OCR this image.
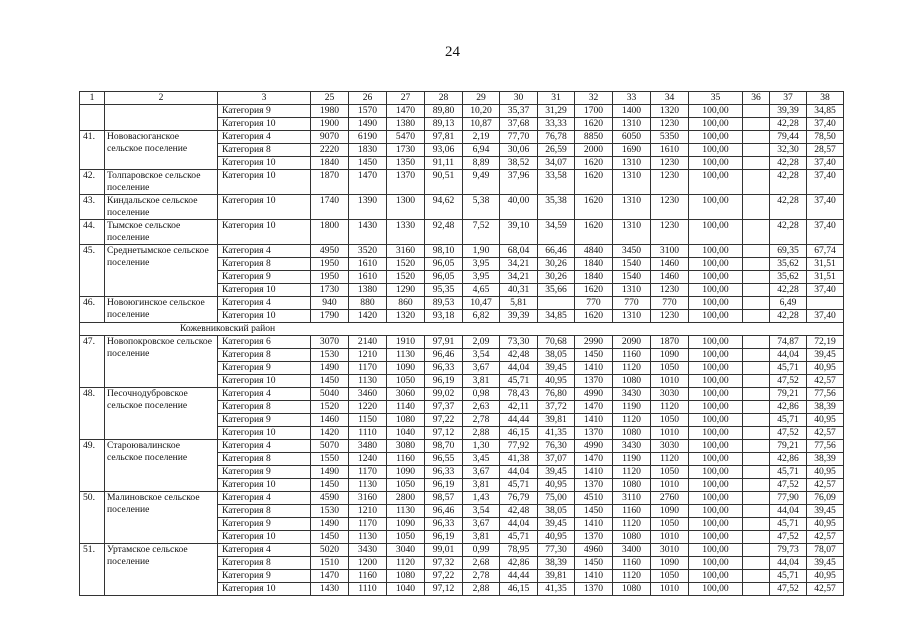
24
1	2	3	25	26	27	28	29	30	31	32	33	34	35	36	37	38
		Категория 9	1980	1570	1470	89,80	10,20	35,37	31,29	1700	1400	1320	100,00		39,39	34,85
		Категория 10	1900	1490	1380	89,13	10,87	37,68	33,33	1620	1310	1230	100,00		42,28	37,40
41.	Нововасюганское сельское поселение	Категория 4	9070	6190	5470	97,81	2,19	77,70	76,78	8850	6050	5350	100,00		79,44	78,50
		Категория 8	2220	1830	1730	93,06	6,94	30,06	26,59	2000	1690	1610	100,00		32,30	28,57
		Категория 10	1840	1450	1350	91,11	8,89	38,52	34,07	1620	1310	1230	100,00		42,28	37,40
42.	Толпаровское сельское поселение	Категория 10	1870	1470	1370	90,51	9,49	37,96	33,58	1620	1310	1230	100,00		42,28	37,40
43.	Киндальское сельское поселение	Категория 10	1740	1390	1300	94,62	5,38	40,00	35,38	1620	1310	1230	100,00		42,28	37,40
44.	Тымское сельское поселение	Категория 10	1800	1430	1330	92,48	7,52	39,10	34,59	1620	1310	1230	100,00		42,28	37,40
45.	Среднетымское сельское поселение	Категория 4	4950	3520	3160	98,10	1,90	68,04	66,46	4840	3450	3100	100,00		69,35	67,74
		Категория 8	1950	1610	1520	96,05	3,95	34,21	30,26	1840	1540	1460	100,00		35,62	31,51
		Категория 9	1950	1610	1520	96,05	3,95	34,21	30,26	1840	1540	1460	100,00		35,62	31,51
		Категория 10	1730	1380	1290	95,35	4,65	40,31	35,66	1620	1310	1230	100,00		42,28	37,40
46.	Новоюгинское сельское поселение	Категория 4	940	880	860	89,53	10,47	5,81		770	770	770	100,00		6,49	
		Категория 10	1790	1420	1320	93,18	6,82	39,39	34,85	1620	1310	1230	100,00		42,28	37,40
Кожевниковский район																
47.	Новопокровское сельское поселение	Категория 6	3070	2140	1910	97,91	2,09	73,30	70,68	2990	2090	1870	100,00		74,87	72,19
		Категория 8	1530	1210	1130	96,46	3,54	42,48	38,05	1450	1160	1090	100,00		44,04	39,45
		Категория 9	1490	1170	1090	96,33	3,67	44,04	39,45	1410	1120	1050	100,00		45,71	40,95
		Категория 10	1450	1130	1050	96,19	3,81	45,71	40,95	1370	1080	1010	100,00		47,52	42,57
48.	Песочнодубровское сельское поселение	Категория 4	5040	3460	3060	99,02	0,98	78,43	76,80	4990	3430	3030	100,00		79,21	77,56
		Категория 8	1520	1220	1140	97,37	2,63	42,11	37,72	1470	1190	1120	100,00		42,86	38,39
		Категория 9	1460	1150	1080	97,22	2,78	44,44	39,81	1410	1120	1050	100,00		45,71	40,95
		Категория 10	1420	1110	1040	97,12	2,88	46,15	41,35	1370	1080	1010	100,00		47,52	42,57
49.	Староювалинское сельское поселение	Категория 4	5070	3480	3080	98,70	1,30	77,92	76,30	4990	3430	3030	100,00		79,21	77,56
		Категория 8	1550	1240	1160	96,55	3,45	41,38	37,07	1470	1190	1120	100,00		42,86	38,39
		Категория 9	1490	1170	1090	96,33	3,67	44,04	39,45	1410	1120	1050	100,00		45,71	40,95
		Категория 10	1450	1130	1050	96,19	3,81	45,71	40,95	1370	1080	1010	100,00		47,52	42,57
50.	Малиновское сельское поселение	Категория 4	4590	3160	2800	98,57	1,43	76,79	75,00	4510	3110	2760	100,00		77,90	76,09
		Категория 8	1530	1210	1130	96,46	3,54	42,48	38,05	1450	1160	1090	100,00		44,04	39,45
		Категория 9	1490	1170	1090	96,33	3,67	44,04	39,45	1410	1120	1050	100,00		45,71	40,95
		Категория 10	1450	1130	1050	96,19	3,81	45,71	40,95	1370	1080	1010	100,00		47,52	42,57
51.	Уртамское сельское поселение	Категория 4	5020	3430	3040	99,01	0,99	78,95	77,30	4960	3400	3010	100,00		79,73	78,07
		Категория 8	1510	1200	1120	97,32	2,68	42,86	38,39	1450	1160	1090	100,00		44,04	39,45
		Категория 9	1470	1160	1080	97,22	2,78	44,44	39,81	1410	1120	1050	100,00		45,71	40,95
		Категория 10	1430	1110	1040	97,12	2,88	46,15	41,35	1370	1080	1010	100,00		47,52	42,57
